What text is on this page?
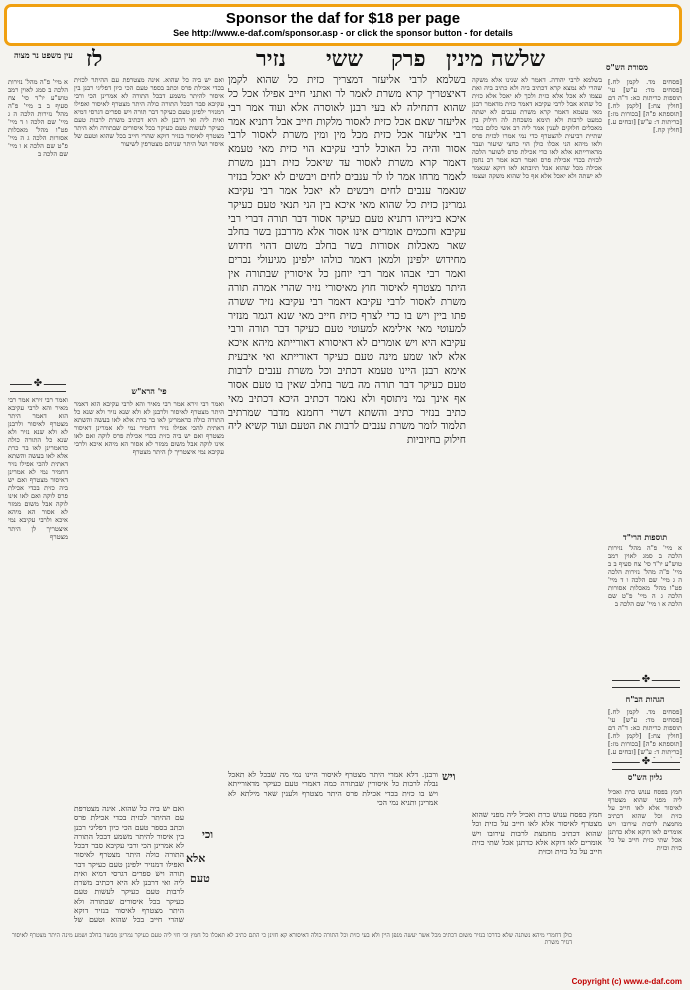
Sponsor the daf for $18 per page
See http://www.e-daf.com/sponsor.asp - or click the sponsor button - for details
עין משפט נר מצוה לז	נזיר ששי פרק שלשה מינין	מסורת הש"ס
א מיי' פ"ה מהל' נזירות הלכה ב סמג לאוין רמב טוש"ע יו"ד סי' צח סעיף ב ב מיי' פ"ה מהל' נזירות הלכה ה ג מיי' שם הלכה ו ד מיי' פט"ו מהל' מאכלות אסורות הלכה ג ה מיי' פ"ט שם הלכה א ו מיי' שם הלכה ב
✤
ואמר רבי זירא אמר רבי מאיר והא לרבי עקיבא הוא דאמר היתר מצטרף לאיסור ולרבנן לא ולא שנא נזיר ולא שנא כל התורה כולה כדאמרינן לאו בר כרת אלא לאו בעשה והשתא דאתית להכי אפילו נזיר דחמיר נמי לא אמרינן דאיסור מצטרף ואם יש ביה כזית בכדי אכילת פרס לוקה ואם לאו אינו לוקה אבל משום ממזר לא אסור הא מיהא איכא ולרבי עקיבא נמי איצטריך לן היתר מצטרף
ואם יש ביה כל שהוא. אינה מצטרפת עם ההיתר לכזית בכדי אכילת פרס וכתב בספר טעם הכי כיון דפליגי רבנן בין איסור להיתר משמע דבכל התורה לא אמרינן הכי ורבי עקיבא סבר דבכל התורה כולה היתר מצטרף לאיסור ואפילו דמנזיר ילפינן טעם כעיקר דבר תורה ויש ספרים דגרסי דמיא ואית ליה ואי דרבנן לא היא דכתיב משרת לרבות טעם כעיקר לעשות טעם כעיקר בכל איסורים שבתורה ולא היתר מצטרף לאיסור בנזיר דוקא שהרי חייב בכל שהוא וטעם של איסור ושל היתר שניהם מצטרפין לשיעור
פי' הרא"ש
ואמר רבי זירא אמר רבי מאיר והא לרבי עקיבא הוא דאמר היתר מצטרף לאיסור ולרבנן לא ולא שנא נזיר ולא שנא כל התורה כולה כדאמרינן לאו בר כרת אלא לאו בעשה והשתא דאתית להכי אפילו נזיר דחמיר נמי לא אמרינן דאיסור מצטרף ואם יש ביה כזית בכדי אכילת פרס לוקה ואם לאו אינו לוקה אבל משום ממזר לא אסור הא מיהא איכא ולרבי עקיבא נמי איצטריך לן היתר מצטרף
בשלמא לרבי אליעזר דמצריך כזית כל שהוא לקמן דאיצטריך קרא משרת לאמר לר ואתני חייב אפילו אכל כל שהוא דתחילה לא בעי רבנן לאוסרה אלא ועוד אמר רבי אליעזר שאם אכל כזית לאסור מלקות חייב אבל דתניא אמר רבי אליעזר אכל כזית מכל מין ומין משרת לאסור לרבי אסור והיה כל האוכל לרבי עקיבא הוי כזית מאי טעמא דאמר קרא משרת לאסור עד שיאכל כזית רבנן משרת לאמר מרחו אמר לו לר ענבים לחים ויבשים לא יאכל בנזיר שנאמר ענבים לחים ויבשים לא יאכל אמר רבי עקיבא גמרינן כזית כל שהוא מאי איכא בין הני תנאי טעם כעיקר איכא בינייהו דתניא טעם כעיקר אסור דבר תורה דברי רבי עקיבא וחכמים אומרים אינו אסור אלא מדרבנן בשר בחלב שאר מאכלות אסורות בשר בחלב משום דהוי חידוש מחידוש ילפינן ולמאן דאמר כולהו ילפינן מגיעולי נכרים ואמר רבי אבהו אמר רבי יוחנן כל איסורין שבתורה אין היתר מצטרף לאיסור חוץ מאיסורי נזיר שהרי אמרה תורה משרת לאסור לרבי עקיבא דאמר רבי עקיבא נזיר ששרה פתו ביין ויש בו כדי לצרף כזית חייב מאי שנא דגמר מנזיר למעוטי מאי אילימא למעוטי טעם כעיקר דבר תורה ורבי עקיבא היא ויש אומרים לא דאיסורא דאורייתא מיהא איכא אלא לאו שמע מינה טעם כעיקר דאורייתא ואי איבעית אימא רבנן היינו טעמא דכתיב וכל משרת ענבים לרבות טעם כעיקר דבר תורה מה בשר בחלב שאין בו טעם אסור אף אינך נמי ניתוסף ולא נאמר דכתיב היכא דכתיב מאי כתיב בנזיר כתיב והשתא דשרי רחמנא מדבר שמרתיב תלמוד לומר משרת ענבים לרבות את הטעם ועוד קשיא ליה חילוק בחיוביות
בשלמא לרבי יהודה. דאמר לא שנינו אלא משקה שהרי לא נמצא קרא דכתיב ביה ולא כתיב ביה ואת עצמו לא אכל אלא כזית ולכך לא יאכל אלא כזית כל שהוא אבל לרבי עקיבא דאמר כזית מדאמר רבנן מאי טעמא דאמר קרא משרת ענבים לא ישתה כמעט לרבות ולא תימא משכחת לה חילוק בין מאכלים חלוקים לענין אמר ליה רב אשי כלום בכדי שתיית רביעית להצטרף כדי נמי אמרו לכזית פרס ולאו מיהא הני אכלו כולן הוי כחצי שיעור ועבר מדאורייתא אלא לאו כדי אכילת פרס לשוער הלכה לכזית בכדי אכילת פרס ואמר רבא אמר רב נחמן אכילה מכל שהוא אבל תיובתא לאו דוקא שנאמר לא ישתה ולא יאכל אלא אף כל שהוא משקה ועצמו
[פסחים מד. לקמן לח.] [פסחים מד: ע"ש] עי' תוספות כריתות כא: ד"ה דם [חולין צח:] [לקמן לח.] [תוספתא פ"ה] [בכורות מז:] [כריתות ד: ע"ש] [זבחים ע.] [חולין קח.]
תוספות הרי"ד
א מיי' פ"ה מהל' נזירות הלכה ב סמג לאוין רמב טוש"ע יו"ד סי' צח סעיף ב ב מיי' פ"ה מהל' נזירות הלכה ה ג מיי' שם הלכה ו ד מיי' פט"ו מהל' מאכלות אסורות הלכה ג ה מיי' פ"ט שם הלכה א ו מיי' שם הלכה ב
✤
הגהות הב"ח
[פסחים מד. לקמן לח.] [פסחים מד: ע"ש] עי' תוספות כריתות כא: ד"ה דם [חולין צח:] [לקמן לח.] [תוספתא פ"ה] [בכורות מז:] [כריתות ד: ע"ש] [זבחים ע.]
✤
גליון הש"ס
חמץ בפסח ענוש כרת ואכיל ליה מפני שהוא מצטרף לאיסור אלא לאו חייב על כזית וכל שהוא דכתיב מחמצת לרבות עירובו ויש אומרים לאו דוקא אלא כדתנן אכל שתי כזית חייב על כל כזית וכזית
ויש
וכי
אלא
טעם
ורבנן. דלא אמרי היתר מצטרף לאיסור היינו נמי מה שבכל לא תאכל נבלה לרבות כל איסורין שבתורה כמה דאמרי טעם כעיקר מדאורייתא ויש בו כזית בכדי אכילת פרס היתר מצטרף ולענין שאר מילתא לא אמרינן ותניא נמי הכי
חמץ בפסח ענוש כרת ואכיל ליה מפני שהוא מצטרף לאיסור אלא לאו חייב על כזית וכל שהוא דכתיב מחמצת לרבות עירובו ויש אומרים לאו דוקא אלא כדתנן אכל שתי כזית חייב על כל כזית וכזית
ואם יש ביה כל שהוא. אינה מצטרפת עם ההיתר לכזית בכדי אכילת פרס וכתב בספר טעם הכי כיון דפליגי רבנן בין איסור להיתר משמע דבכל התורה לא אמרינן הכי ורבי עקיבא סבר דבכל התורה כולה היתר מצטרף לאיסור ואפילו דמנזיר ילפינן טעם כעיקר דבר תורה ויש ספרים דגרסי דמיא ואית ליה ואי דרבנן לא היא דכתיב משרת לרבות טעם כעיקר לעשות טעם כעיקר בכל איסורים שבתורה ולא היתר מצטרף לאיסור בנזיר דוקא שהרי חייב בכל שהוא וטעם של
כולן דחמרי מיהא נשתנה שלא כדרכו בנזיר משום דכתיב מכל אשר יעשה מגפן היין ולא בעי כזית וכל התורה כולה דאיסורא קא חזינן כי התם כתיב לא תאכלו כל חמץ וכי חזי ליה טעם כעיקר גמרינן מבשר בחלב ושמע מינה היתר מצטרף לאיסור דנזיר משרת
Copyright (c) www.e-daf.com
